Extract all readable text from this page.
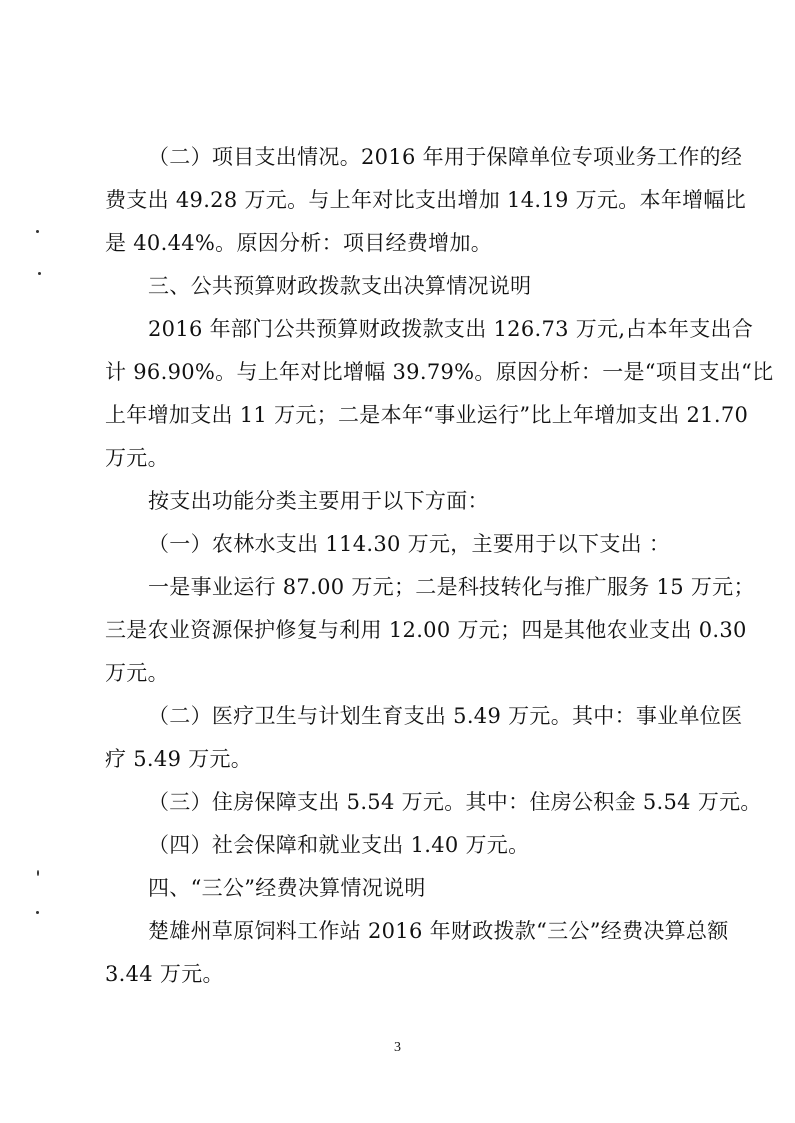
（二）项目支出情况。2016 年用于保障单位专项业务工作的经
费支出 49.28 万元。与上年对比支出增加 14.19 万元。本年增幅比
是 40.44%。原因分析：项目经费增加。
三、公共预算财政拨款支出决算情况说明
2016 年部门公共预算财政拨款支出 126.73 万元,占本年支出合
计 96.90%。与上年对比增幅 39.79%。原因分析：一是“项目支出“比
上年增加支出 11 万元；二是本年“事业运行”比上年增加支出 21.70
万元。
按支出功能分类主要用于以下方面：
（一）农林水支出 114.30 万元，主要用于以下支出 ：
一是事业运行 87.00 万元；二是科技转化与推广服务 15 万元；
三是农业资源保护修复与利用 12.00 万元；四是其他农业支出 0.30
万元。
（二）医疗卫生与计划生育支出 5.49 万元。其中：事业单位医
疗 5.49 万元。
（三）住房保障支出 5.54 万元。其中：住房公积金 5.54 万元。
（四）社会保障和就业支出 1.40 万元。
四、“三公”经费决算情况说明
楚雄州草原饲料工作站 2016 年财政拨款“三公”经费决算总额
3.44 万元。
3
